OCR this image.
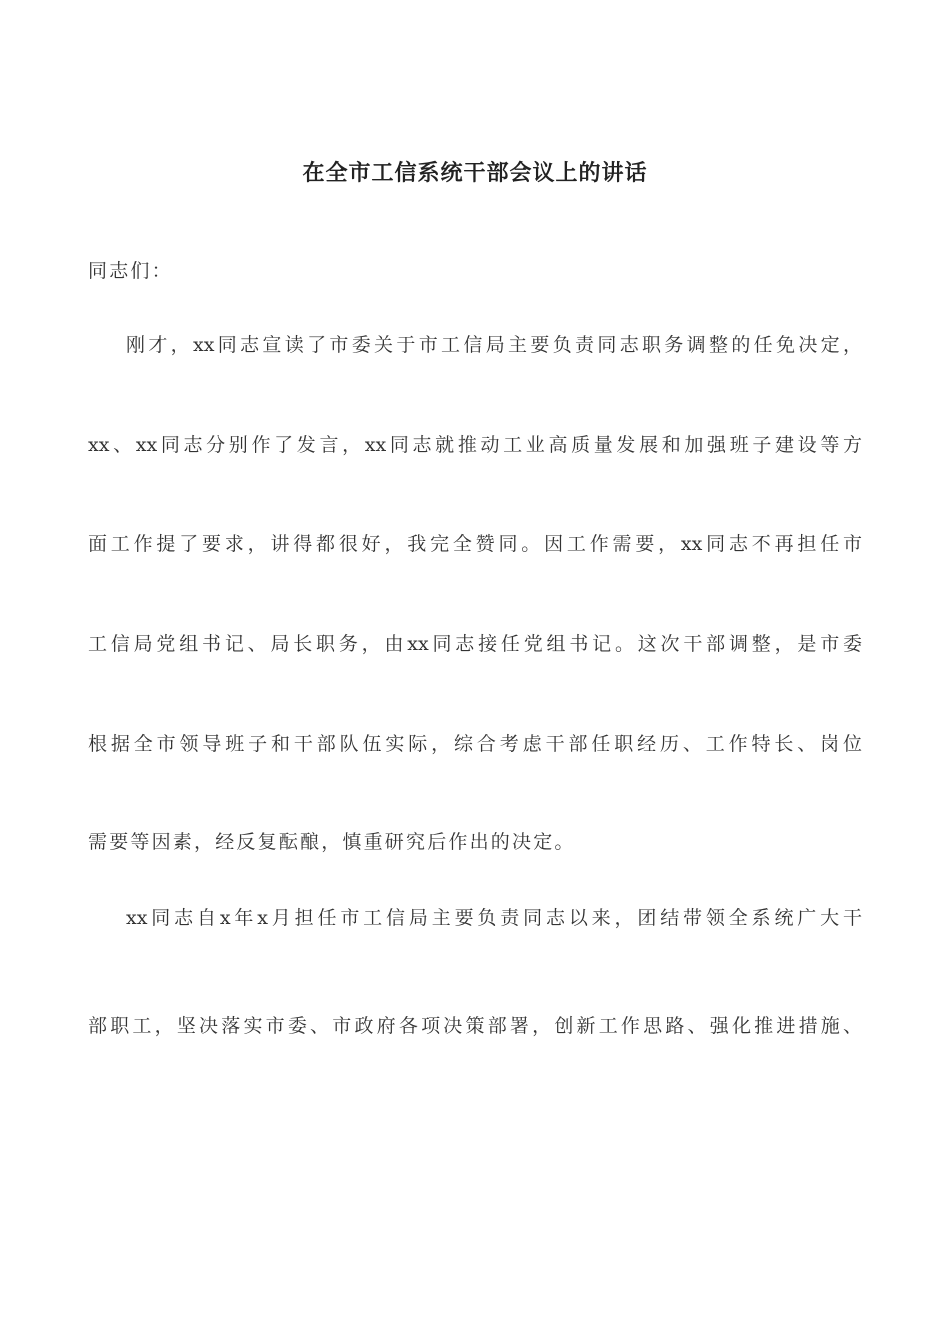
在全市工信系统干部会议上的讲话

同志们：

刚才，xx同志宣读了市委关于市工信局主要负责同志职务调整的任免决定，

xx、xx同志分别作了发言，xx同志就推动工业高质量发展和加强班子建设等方

面工作提了要求，讲得都很好，我完全赞同。因工作需要，xx同志不再担任市

工信局党组书记、局长职务，由xx同志接任党组书记。这次干部调整，是市委

根据全市领导班子和干部队伍实际，综合考虑干部任职经历、工作特长、岗位

需要等因素，经反复酝酿，慎重研究后作出的决定。

xx同志自x年x月担任市工信局主要负责同志以来，团结带领全系统广大干

部职工，坚决落实市委、市政府各项决策部署，创新工作思路、强化推进措施、
